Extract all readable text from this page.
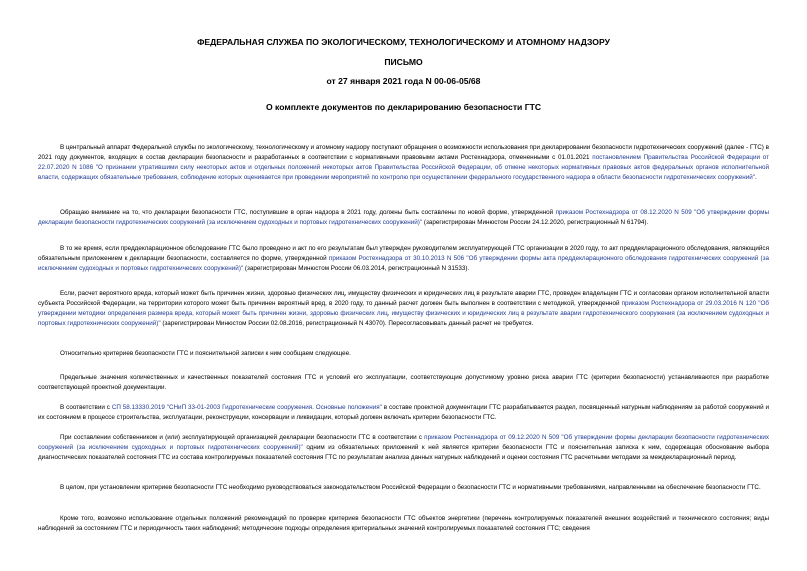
ФЕДЕРАЛЬНАЯ СЛУЖБА ПО ЭКОЛОГИЧЕСКОМУ, ТЕХНОЛОГИЧЕСКОМУ И АТОМНОМУ НАДЗОРУ
ПИСЬМО
от 27 января 2021 года N 00-06-05/68
О комплекте документов по декларированию безопасности ГТС
В центральный аппарат Федеральной службы по экологическому, технологическому и атомному надзору поступают обращения о возможности использования при декларировании безопасности гидротехнических сооружений (далее - ГТС) в 2021 году документов, входящих в состав декларации безопасности и разработанных в соответствии с нормативными правовыми актами Ростехнадзора, отмененными с 01.01.2021 постановлением Правительства Российской Федерации от 22.07.2020 N 1086 "О признании утратившими силу некоторых актов и отдельных положений некоторых актов Правительства Российской Федерации, об отмене некоторых нормативных правовых актов федеральных органов исполнительной власти, содержащих обязательные требования, соблюдение которых оценивается при проведении мероприятий по контролю при осуществлении федерального государственного надзора в области безопасности гидротехнических сооружений".
Обращаю внимание на то, что декларации безопасности ГТС, поступившие в орган надзора в 2021 году, должны быть составлены по новой форме, утвержденной приказом Ростехнадзора от 08.12.2020 N 509 "Об утверждении формы декларации безопасности гидротехнических сооружений (за исключением судоходных и портовых гидротехнических сооружений)" (зарегистрирован Минюстом России 24.12.2020, регистрационный N 61794).
В то же время, если преддекларационное обследование ГТС было проведено и акт по его результатам был утвержден руководителем эксплуатирующей ГТС организации в 2020 году, то акт преддекларационного обследования, являющийся обязательным приложением к декларации безопасности, составляется по форме, утвержденной приказом Ростехнадзора от 30.10.2013 N 506 "Об утверждении формы акта преддекларационного обследования гидротехнических сооружений (за исключением судоходных и портовых гидротехнических сооружений)" (зарегистрирован Минюстом России 06.03.2014, регистрационный N 31533).
Если, расчет вероятного вреда, который может быть причинен жизни, здоровью физических лиц, имуществу физических и юридических лиц в результате аварии ГТС, проведен владельцем ГТС и согласован органом исполнительной власти субъекта Российской Федерации, на территории которого может быть причинен вероятный вред, в 2020 году, то данный расчет должен быть выполнен в соответствии с методикой, утвержденной приказом Ростехнадзора от 29.03.2016 N 120 "Об утверждении методики определения размера вреда, который может быть причинен жизни, здоровью физических лиц, имуществу физических и юридических лиц в результате аварии гидротехнического сооружения (за исключением судоходных и портовых гидротехнических сооружений)" (зарегистрирован Минюстом России 02.08.2016, регистрационный N 43070). Пересогласовывать данный расчет не требуется.
Относительно критериев безопасности ГТС и пояснительной записки к ним сообщаем следующее.
Предельные значения количественных и качественных показателей состояния ГТС и условий его эксплуатации, соответствующие допустимому уровню риска аварии ГТС (критерии безопасности) устанавливаются при разработке соответствующей проектной документации.
В соответствии с СП 58.13330.2019 "СНиП 33-01-2003 Гидротехнические сооружения. Основные положения" в составе проектной документации ГТС разрабатывается раздел, посвященный натурным наблюдениям за работой сооружений и их состоянием в процессе строительства, эксплуатации, реконструкции, консервации и ликвидации, который должен включать критерии безопасности ГТС.
При составлении собственником и (или) эксплуатирующей организацией декларации безопасности ГТС в соответствии с приказом Ростехнадзора от 09.12.2020 N 509 "Об утверждении формы декларации безопасности гидротехнических сооружений (за исключением судоходных и портовых гидротехнических сооружений)" одним из обязательных приложений к ней является критерии безопасности ГТС и пояснительная записка к ним, содержащая обоснование выбора диагностических показателей состояния ГТС из состава контролируемых показателей состояния ГТС по результатам анализа данных натурных наблюдений и оценки состояния ГТС расчетными методами за междекларационный период.
В целом, при установлении критериев безопасности ГТС необходимо руководствоваться законодательством Российской Федерации о безопасности ГТС и нормативными требованиями, направленными на обеспечение безопасности ГТС.
Кроме того, возможно использование отдельных положений рекомендаций по проверке критериев безопасности ГТС объектов энергетики (перечень контролируемых показателей внешних воздействий и технического состояния; виды наблюдений за состоянием ГТС и периодичность таких наблюдений; методические подходы определения критериальных значений контролируемых показателей состояния ГТС; сведения
